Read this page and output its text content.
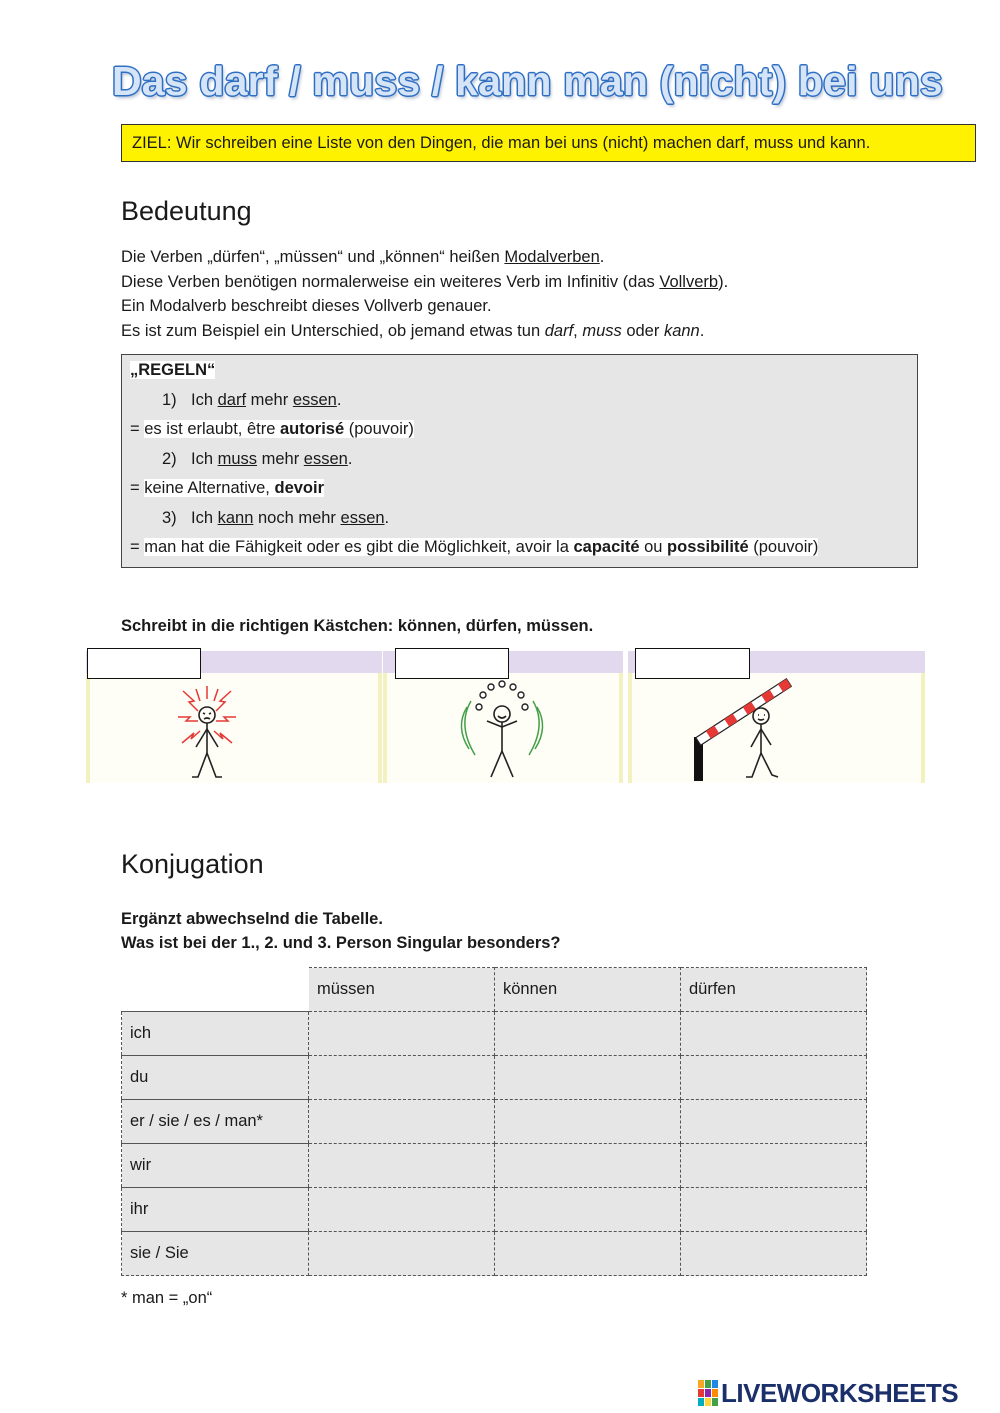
Das darf / muss / kann man (nicht) bei uns
ZIEL: Wir schreiben eine Liste von den Dingen, die man bei uns (nicht) machen darf, muss und kann.
Bedeutung
Die Verben „dürfen“, „müssen“ und „können“ heißen Modalverben.
Diese Verben benötigen normalerweise ein weiteres Verb im Infinitiv (das Vollverb).
Ein Modalverb beschreibt dieses Vollverb genauer.
Es ist zum Beispiel ein Unterschied, ob jemand etwas tun darf, muss oder kann.
„REGELN“
1) Ich darf mehr essen.
= es ist erlaubt, être autorisé (pouvoir)
2) Ich muss mehr essen.
= keine Alternative, devoir
3) Ich kann noch mehr essen.
= man hat die Fähigkeit oder es gibt die Möglichkeit, avoir la capacité ou possibilité (pouvoir)
Schreibt in die richtigen Kästchen: können, dürfen, müssen.
Konjugation
Ergänzt abwechselnd die Tabelle.
Was ist bei der 1., 2. und 3. Person Singular besonders?
	müssen	können	dürfen
ich			
du			
er / sie / es / man*			
wir			
ihr			
sie / Sie			
* man = „on“
LIVEWORKSHEETS
